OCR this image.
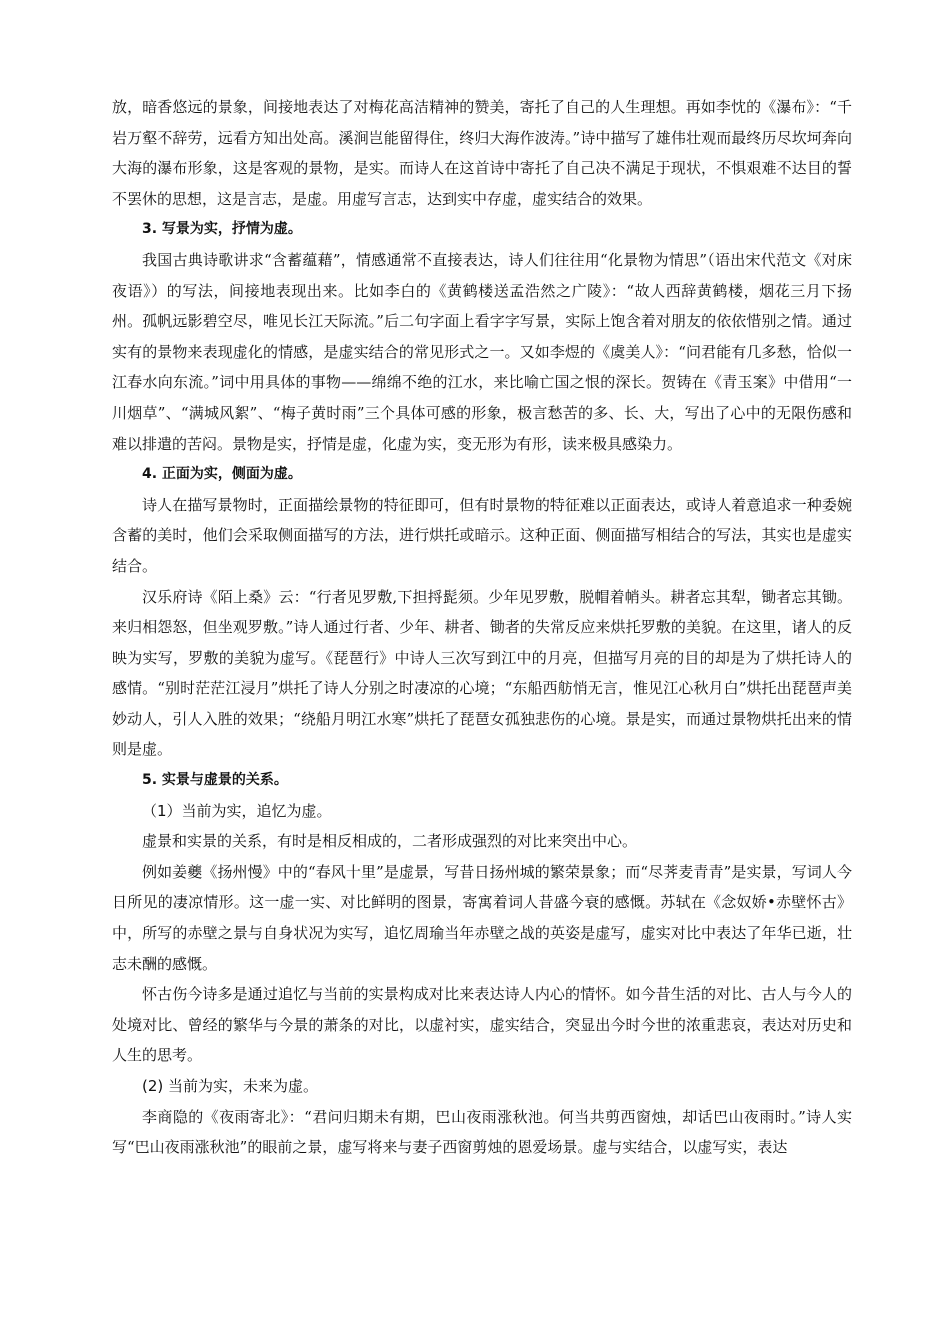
放，暗香悠远的景象，间接地表达了对梅花高洁精神的赞美，寄托了自己的人生理想。再如李忱的《瀑布》：“千岩万壑不辞劳，远看方知出处高。溪涧岂能留得住，终归大海作波涛。”诗中描写了雄伟壮观而最终历尽坎坷奔向大海的瀑布形象，这是客观的景物，是实。而诗人在这首诗中寄托了自己决不满足于现状，不惧艰难不达目的誓不罢休的思想，这是言志，是虚。用虚写言志，达到实中存虚，虚实结合的效果。

3. 写景为实，抒情为虚。

我国古典诗歌讲求“含蓄蕴藉”，情感通常不直接表达，诗人们往往用“化景物为情思”（语出宋代范文《对床夜语》）的写法，间接地表现出来。比如李白的《黄鹤楼送孟浩然之广陵》：“故人西辞黄鹤楼，烟花三月下扬州。孤帆远影碧空尽，唯见长江天际流。”后二句字面上看字字写景，实际上饱含着对朋友的依依惜别之情。通过实有的景物来表现虚化的情感，是虚实结合的常见形式之一。又如李煜的《虞美人》：“问君能有几多愁，恰似一江春水向东流。”词中用具体的事物——绵绵不绝的江水，来比喻亡国之恨的深长。贺铸在《青玉案》中借用“一川烟草”、“满城风絮”、“梅子黄时雨”三个具体可感的形象，极言愁苦的多、长、大，写出了心中的无限伤感和难以排遣的苦闷。景物是实，抒情是虚，化虚为实，变无形为有形，读来极具感染力。

4. 正面为实，侧面为虚。

诗人在描写景物时，正面描绘景物的特征即可，但有时景物的特征难以正面表达，或诗人着意追求一种委婉含蓄的美时，他们会采取侧面描写的方法，进行烘托或暗示。这种正面、侧面描写相结合的写法，其实也是虚实结合。

汉乐府诗《陌上桑》云：“行者见罗敷,下担捋髭须。少年见罗敷，脱帽着帩头。耕者忘其犁，锄者忘其锄。来归相怨怒，但坐观罗敷。”诗人通过行者、少年、耕者、锄者的失常反应来烘托罗敷的美貌。在这里，诸人的反映为实写，罗敷的美貌为虚写。《琵琶行》中诗人三次写到江中的月亮，但描写月亮的目的却是为了烘托诗人的感情。“别时茫茫江浸月”烘托了诗人分别之时凄凉的心境；“东船西舫悄无言，惟见江心秋月白”烘托出琵琶声美妙动人，引人入胜的效果；“绕船月明江水寒”烘托了琵琶女孤独悲伤的心境。景是实，而通过景物烘托出来的情则是虚。

5. 实景与虚景的关系。

（1）当前为实，追忆为虚。

虚景和实景的关系，有时是相反相成的，二者形成强烈的对比来突出中心。

例如姜夔《扬州慢》中的“春风十里”是虚景，写昔日扬州城的繁荣景象；而“尽荠麦青青”是实景，写词人今日所见的凄凉情形。这一虚一实、对比鲜明的图景，寄寓着词人昔盛今衰的感慨。苏轼在《念奴娇•赤壁怀古》中，所写的赤壁之景与自身状况为实写，追忆周瑜当年赤壁之战的英姿是虚写，虚实对比中表达了年华已逝，壮志未酬的感慨。

怀古伤今诗多是通过追忆与当前的实景构成对比来表达诗人内心的情怀。如今昔生活的对比、古人与今人的处境对比、曾经的繁华与今景的萧条的对比，以虚衬实，虚实结合，突显出今时今世的浓重悲哀，表达对历史和人生的思考。

(2) 当前为实，未来为虚。

李商隐的《夜雨寄北》：“君问归期未有期，巴山夜雨涨秋池。何当共剪西窗烛，却话巴山夜雨时。”诗人实写“巴山夜雨涨秋池”的眼前之景，虚写将来与妻子西窗剪烛的恩爱场景。虚与实结合，以虚写实，表达
